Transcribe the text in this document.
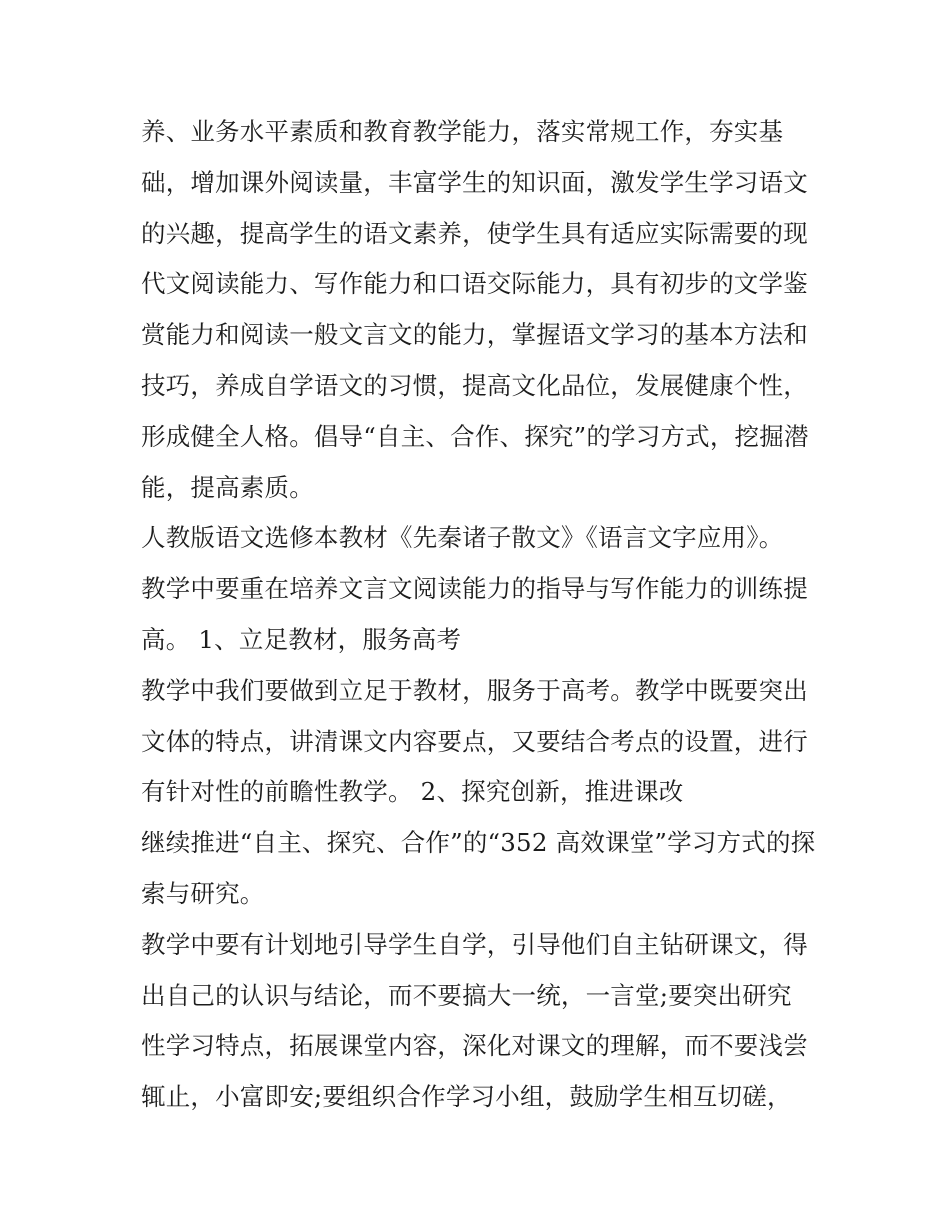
养、业务水平素质和教育教学能力，落实常规工作，夯实基
础，增加课外阅读量，丰富学生的知识面，激发学生学习语文
的兴趣，提高学生的语文素养，使学生具有适应实际需要的现
代文阅读能力、写作能力和口语交际能力，具有初步的文学鉴
赏能力和阅读一般文言文的能力，掌握语文学习的基本方法和
技巧，养成自学语文的习惯，提高文化品位，发展健康个性，
形成健全人格。倡导“自主、合作、探究”的学习方式，挖掘潜
能，提高素质。
人教版语文选修本教材《先秦诸子散文》《语言文字应用》。
教学中要重在培养文言文阅读能力的指导与写作能力的训练提
高。 1、立足教材，服务高考
教学中我们要做到立足于教材，服务于高考。教学中既要突出
文体的特点，讲清课文内容要点，又要结合考点的设置，进行
有针对性的前瞻性教学。 2、探究创新，推进课改
继续推进“自主、探究、合作”的“352 高效课堂”学习方式的探
索与研究。
教学中要有计划地引导学生自学，引导他们自主钻研课文，得
出自己的认识与结论，而不要搞大一统，一言堂;要突出研究
性学习特点，拓展课堂内容，深化对课文的理解，而不要浅尝
辄止，小富即安;要组织合作学习小组，鼓励学生相互切磋，
